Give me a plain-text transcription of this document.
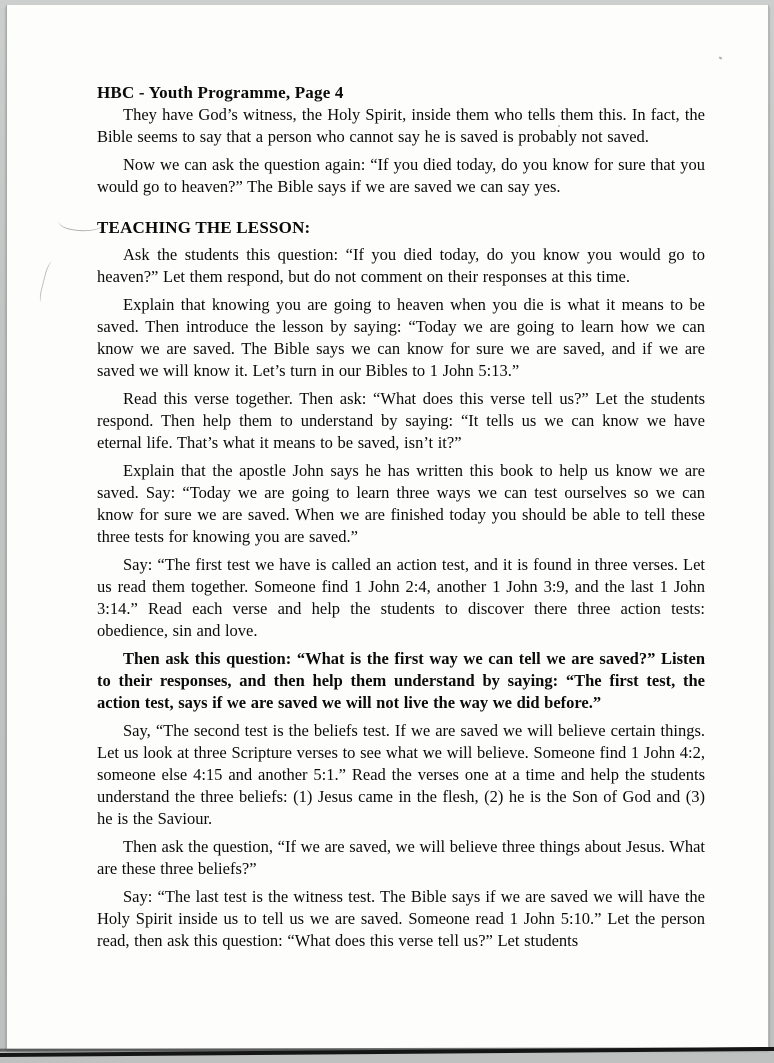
HBC - Youth Programme, Page 4

They have God’s witness, the Holy Spirit, inside them who tells them this. In fact, the Bible seems to say that a person who cannot say he is saved is probably not saved.

Now we can ask the question again: “If you died today, do you know for sure that you would go to heaven?” The Bible says if we are saved we can say yes.

TEACHING THE LESSON:

Ask the students this question: “If you died today, do you know you would go to heaven?” Let them respond, but do not comment on their responses at this time.

Explain that knowing you are going to heaven when you die is what it means to be saved. Then introduce the lesson by saying: “Today we are going to learn how we can know we are saved. The Bible says we can know for sure we are saved, and if we are saved we will know it. Let’s turn in our Bibles to 1 John 5:13.”

Read this verse together. Then ask: “What does this verse tell us?” Let the students respond. Then help them to understand by saying: “It tells us we can know we have eternal life. That’s what it means to be saved, isn’t it?”

Explain that the apostle John says he has written this book to help us know we are saved. Say: “Today we are going to learn three ways we can test ourselves so we can know for sure we are saved. When we are finished today you should be able to tell these three tests for knowing you are saved.”

Say: “The first test we have is called an action test, and it is found in three verses. Let us read them together. Someone find 1 John 2:4, another 1 John 3:9, and the last 1 John 3:14.” Read each verse and help the students to discover there three action tests: obedience, sin and love.

Then ask this question: “What is the first way we can tell we are saved?” Listen to their responses, and then help them understand by saying: “The first test, the action test, says if we are saved we will not live the way we did before.”

Say, “The second test is the beliefs test. If we are saved we will believe certain things. Let us look at three Scripture verses to see what we will believe. Someone find 1 John 4:2, someone else 4:15 and another 5:1.” Read the verses one at a time and help the students understand the three beliefs: (1) Jesus came in the flesh, (2) he is the Son of God and (3) he is the Saviour.

Then ask the question, “If we are saved, we will believe three things about Jesus. What are these three beliefs?”

Say: “The last test is the witness test. The Bible says if we are saved we will have the Holy Spirit inside us to tell us we are saved. Someone read 1 John 5:10.” Let the person read, then ask this question: “What does this verse tell us?” Let students
